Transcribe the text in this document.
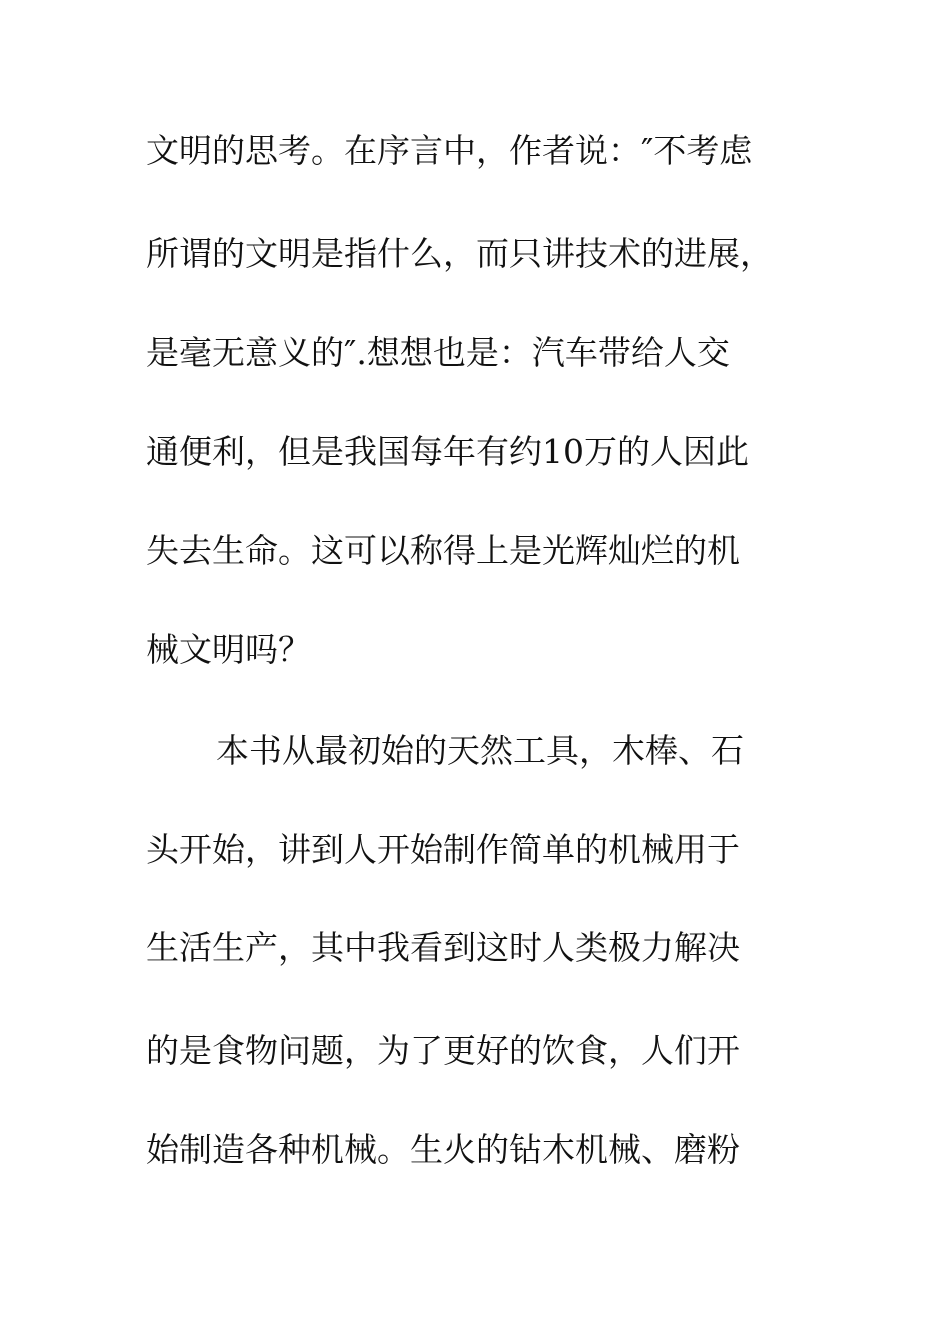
文明的思考。在序言中，作者说：″不考虑
所谓的文明是指什么，而只讲技术的进展，
是毫无意义的″.想想也是：汽车带给人交
通便利，但是我国每年有约10万的人因此
失去生命。这可以称得上是光辉灿烂的机
械文明吗？
本书从最初始的天然工具，木棒、石
头开始，讲到人开始制作简单的机械用于
生活生产，其中我看到这时人类极力解决
的是食物问题，为了更好的饮食，人们开
始制造各种机械。生火的钻木机械、磨粉
